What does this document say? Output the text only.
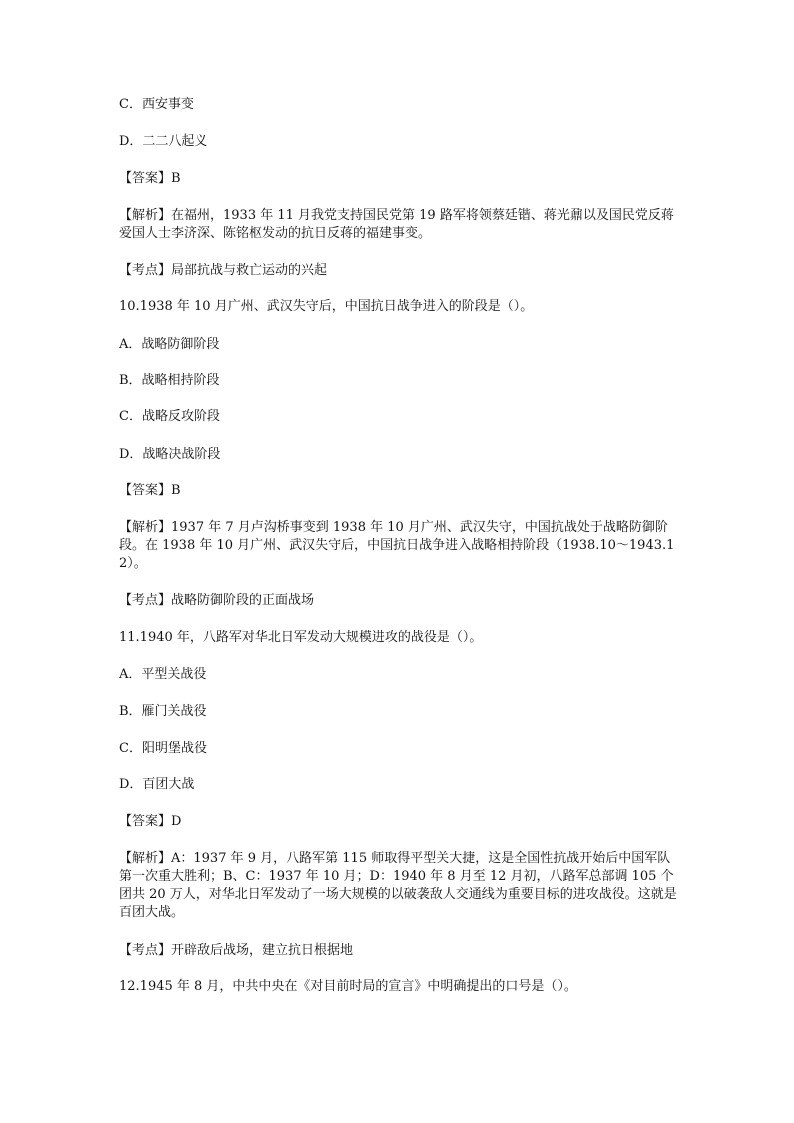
C．西安事变
D．二二八起义
【答案】B
【解析】在福州，1933 年 11 月我党支持国民党第 19 路军将领蔡廷锴、蒋光鼐以及国民党反蒋爱国人士李济深、陈铭枢发动的抗日反蒋的福建事变。
【考点】局部抗战与救亡运动的兴起
10.1938 年 10 月广州、武汉失守后，中国抗日战争进入的阶段是（）。
A．战略防御阶段
B．战略相持阶段
C．战略反攻阶段
D．战略决战阶段
【答案】B
【解析】1937 年 7 月卢沟桥事变到 1938 年 10 月广州、武汉失守，中国抗战处于战略防御阶段。在 1938 年 10 月广州、武汉失守后，中国抗日战争进入战略相持阶段（1938.10～1943.12）。
【考点】战略防御阶段的正面战场
11.1940 年，八路军对华北日军发动大规模进攻的战役是（）。
A．平型关战役
B．雁门关战役
C．阳明堡战役
D．百团大战
【答案】D
【解析】A：1937 年 9 月，八路军第 115 师取得平型关大捷，这是全国性抗战开始后中国军队第一次重大胜利；B、C：1937 年 10 月；D：1940 年 8 月至 12 月初，八路军总部调 105 个团共 20 万人，对华北日军发动了一场大规模的以破袭敌人交通线为重要目标的进攻战役。这就是百团大战。
【考点】开辟敌后战场，建立抗日根据地
12.1945 年 8 月，中共中央在《对目前时局的宣言》中明确提出的口号是（）。
